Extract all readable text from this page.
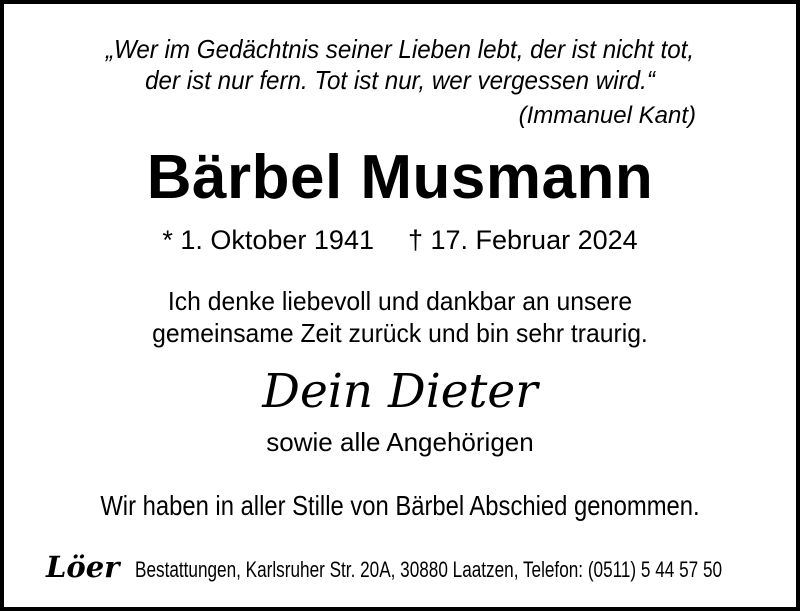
„Wer im Gedächtnis seiner Lieben lebt, der ist nicht tot,
der ist nur fern. Tot ist nur, wer vergessen wird.“
(Immanuel Kant)
Bärbel Musmann
* 1. Oktober 1941 † 17. Februar 2024
Ich denke liebevoll und dankbar an unsere
gemeinsame Zeit zurück und bin sehr traurig.
Dein Dieter
sowie alle Angehörigen
Wir haben in aller Stille von Bärbel Abschied genommen.
Löer Bestattungen, Karlsruher Str. 20A, 30880 Laatzen, Telefon: (0511) 5 44 57 50
